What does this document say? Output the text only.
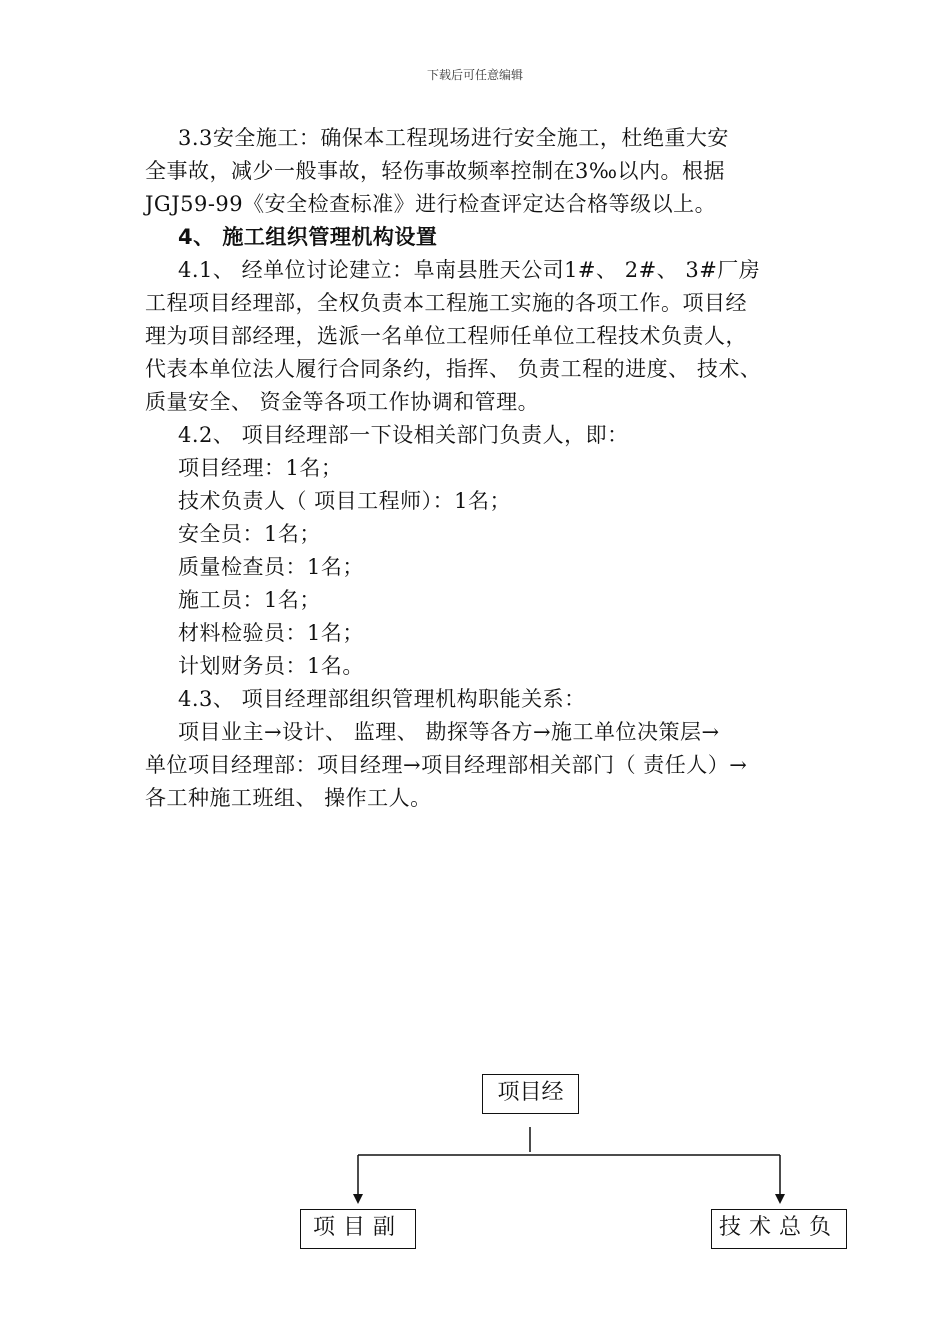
下载后可任意编辑
3.3安全施工：确保本工程现场进行安全施工，杜绝重大安
全事故，减少一般事故，轻伤事故频率控制在3‰以内。根据
JGJ59-99《安全检查标准》进行检查评定达合格等级以上。
4、 施工组织管理机构设置
4.1、 经单位讨论建立：阜南县胜天公司1#、 2#、 3#厂房
工程项目经理部，全权负责本工程施工实施的各项工作。项目经
理为项目部经理，选派一名单位工程师任单位工程技术负责人，
代表本单位法人履行合同条约，指挥、 负责工程的进度、 技术、
质量安全、 资金等各项工作协调和管理。
4.2、 项目经理部一下设相关部门负责人，即：
项目经理：1名；
技术负责人（ 项目工程师）：1名；
安全员：1名；
质量检查员：1名；
施工员：1名；
材料检验员：1名；
计划财务员：1名。
4.3、 项目经理部组织管理机构职能关系：
项目业主→设计、 监理、 勘探等各方→施工单位决策层→
单位项目经理部：项目经理→项目经理部相关部门（ 责任人）→
各工种施工班组、 操作工人。
项目经
项目副	技术总负
